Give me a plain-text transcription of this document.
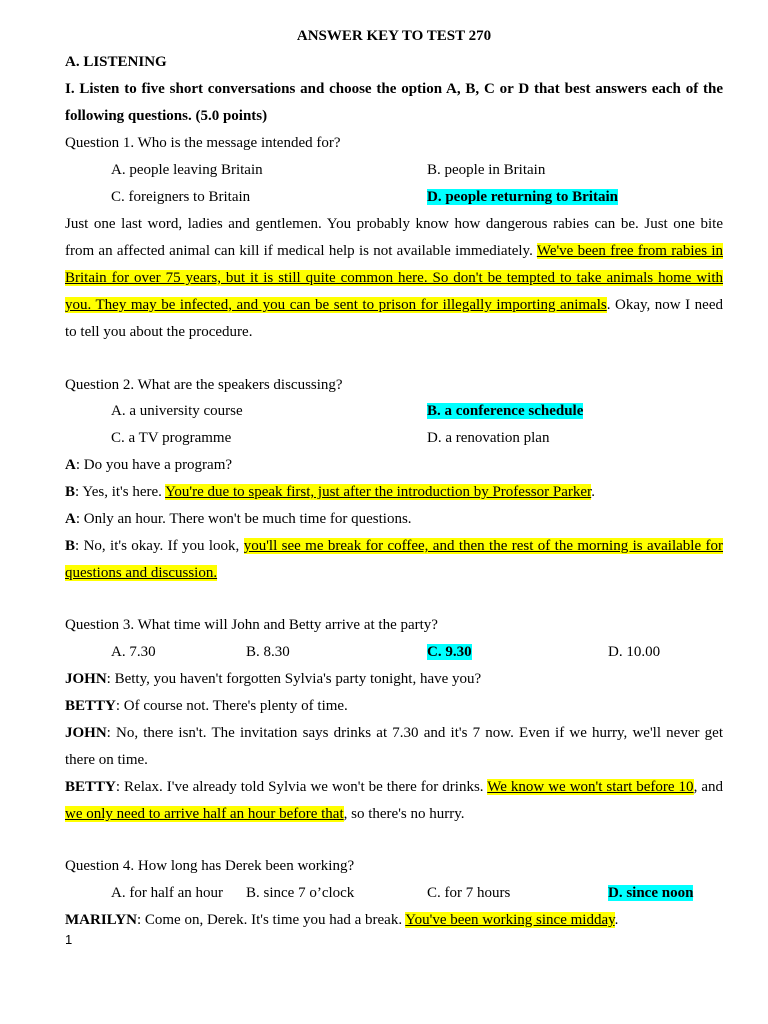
ANSWER KEY TO TEST 270
A. LISTENING
I. Listen to five short conversations and choose the option A, B, C or D that best answers each of the
following questions. (5.0 points)
Question 1. Who is the message intended for?
A. people leaving Britain	B. people in Britain
C. foreigners to Britain	D. people returning to Britain
Just one last word, ladies and gentlemen. You probably know how dangerous rabies can be. Just one bite
from an affected animal can kill if medical help is not available immediately. We've been free from rabies in
Britain for over 75 years, but it is still quite common here. So don't be tempted to take animals home with
you. They may be infected, and you can be sent to prison for illegally importing animals. Okay, now I need
to tell you about the procedure.
Question 2. What are the speakers discussing?
A. a university course	B. a conference schedule
C. a TV programme	D. a renovation plan
A: Do you have a program?
B: Yes, it's here. You're due to speak first, just after the introduction by Professor Parker.
A: Only an hour. There won't be much time for questions.
B: No, it's okay. If you look, you'll see me break for coffee, and then the rest of the morning is available for
questions and discussion.
Question 3. What time will John and Betty arrive at the party?
A. 7.30	B. 8.30	C. 9.30	D. 10.00
JOHN: Betty, you haven't forgotten Sylvia's party tonight, have you?
BETTY: Of course not. There's plenty of time.
JOHN: No, there isn't. The invitation says drinks at 7.30 and it's 7 now. Even if we hurry, we'll never get
there on time.
BETTY: Relax. I've already told Sylvia we won't be there for drinks. We know we won't start before 10, and
we only need to arrive half an hour before that, so there's no hurry.
Question 4. How long has Derek been working?
A. for half an hour B. since 7 o’clock	C. for 7 hours	D. since noon
MARILYN: Come on, Derek. It's time you had a break. You've been working since midday.
1
